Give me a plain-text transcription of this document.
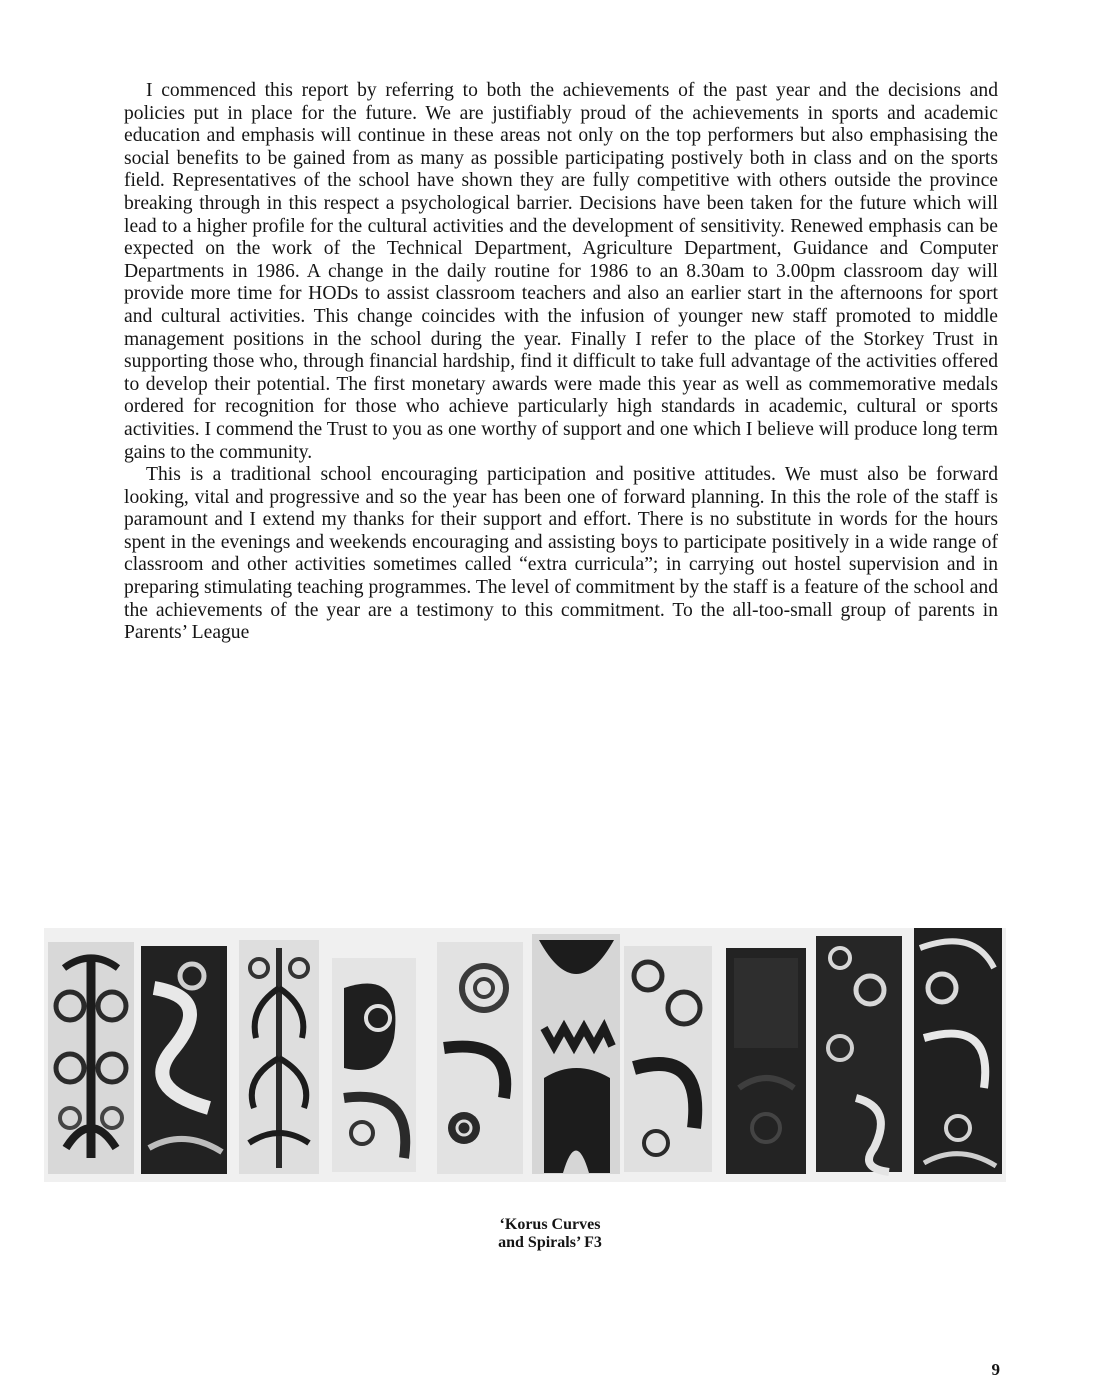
I commenced this report by referring to both the achievements of the past year and the decisions and policies put in place for the future. We are justifiably proud of the achievements in sports and academic education and emphasis will continue in these areas not only on the top performers but also emphasising the social benefits to be gained from as many as possible participating postively both in class and on the sports field. Representatives of the school have shown they are fully competitive with others outside the province breaking through in this respect a psychological barrier. Decisions have been taken for the future which will lead to a higher profile for the cultural activities and the development of sensitivity. Renewed emphasis can be expected on the work of the Technical Department, Agriculture Department, Guidance and Computer Departments in 1986. A change in the daily routine for 1986 to an 8.30am to 3.00pm classroom day will provide more time for HODs to assist classroom teachers and also an earlier start in the afternoons for sport and cultural activities. This change coincides with the infusion of younger new staff promoted to middle management positions in the school during the year. Finally I refer to the place of the Storkey Trust in supporting those who, through financial hardship, find it difficult to take full advantage of the activities offered to develop their potential. The first monetary awards were made this year as well as commemorative medals ordered for recognition for those who achieve particularly high standards in academic, cultural or sports activities. I commend the Trust to you as one worthy of support and one which I believe will produce long term gains to the community.

This is a traditional school encouraging participation and positive attitudes. We must also be forward looking, vital and progressive and so the year has been one of forward planning. In this the role of the staff is paramount and I extend my thanks for their support and effort. There is no substitute in words for the hours spent in the evenings and weekends encouraging and assisting boys to participate positively in a wide range of classroom and other activities sometimes called “extra curricula”; in carrying out hostel supervision and in preparing stimulating teaching programmes. The level of commitment by the staff is a feature of the school and the achievements of the year are a testimony to this commitment. To the all-too-small group of parents in Parents’ League

‘Korus Curves
and Spirals’ F3
9
